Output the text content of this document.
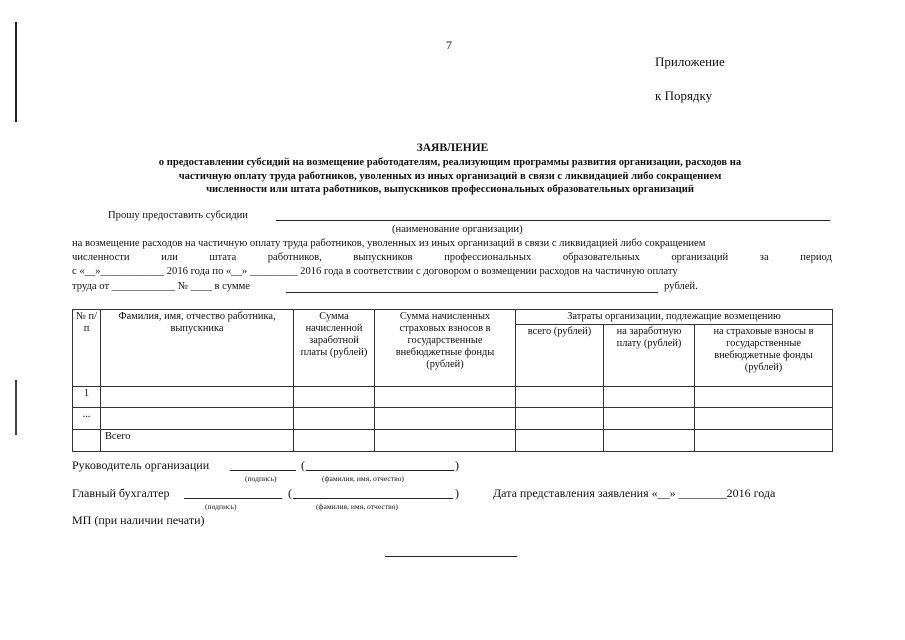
7
Приложение
к Порядку
ЗАЯВЛЕНИЕ
о предоставлении субсидий на возмещение работодателям, реализующим программы развития организации, расходов на
частичную оплату труда работников, уволенных из иных организаций в связи с ликвидацией либо сокращением
численности или штата работников, выпускников профессиональных образовательных организаций
Прошу предоставить субсидии
(наименование организации)
на возмещение расходов на частичную оплату труда работников, уволенных из иных организаций в связи с ликвидацией либо сокращением
численности	или	штата	работников,	выпускников	профессиональных	образовательных	организаций	за	период
с «__»____________ 2016 года по «__» _________ 2016 года в соответствии с договором о возмещении расходов на частичную оплату
труда от ____________ № ____ в сумме	рублей.
№ п/п	Фамилия, имя, отчество работника, выпускника	Сумма начисленной заработной платы (рублей)	Сумма начисленных страховых взносов в государственные внебюджетные фонды (рублей)	Затраты организации, подлежащие возмещению		
				всего (рублей)	на заработную плату (рублей)	на страховые взносы в государственные внебюджетные фонды (рублей)
1						
...						
	Всего					
Руководитель организации	(	)
(подпись)	(фамилия, имя, отчество)
Главный бухгалтер	(	)
(подпись)	(фамилия, имя, отчество)
Дата представления заявления «__» ________2016 года
МП (при наличии печати)
